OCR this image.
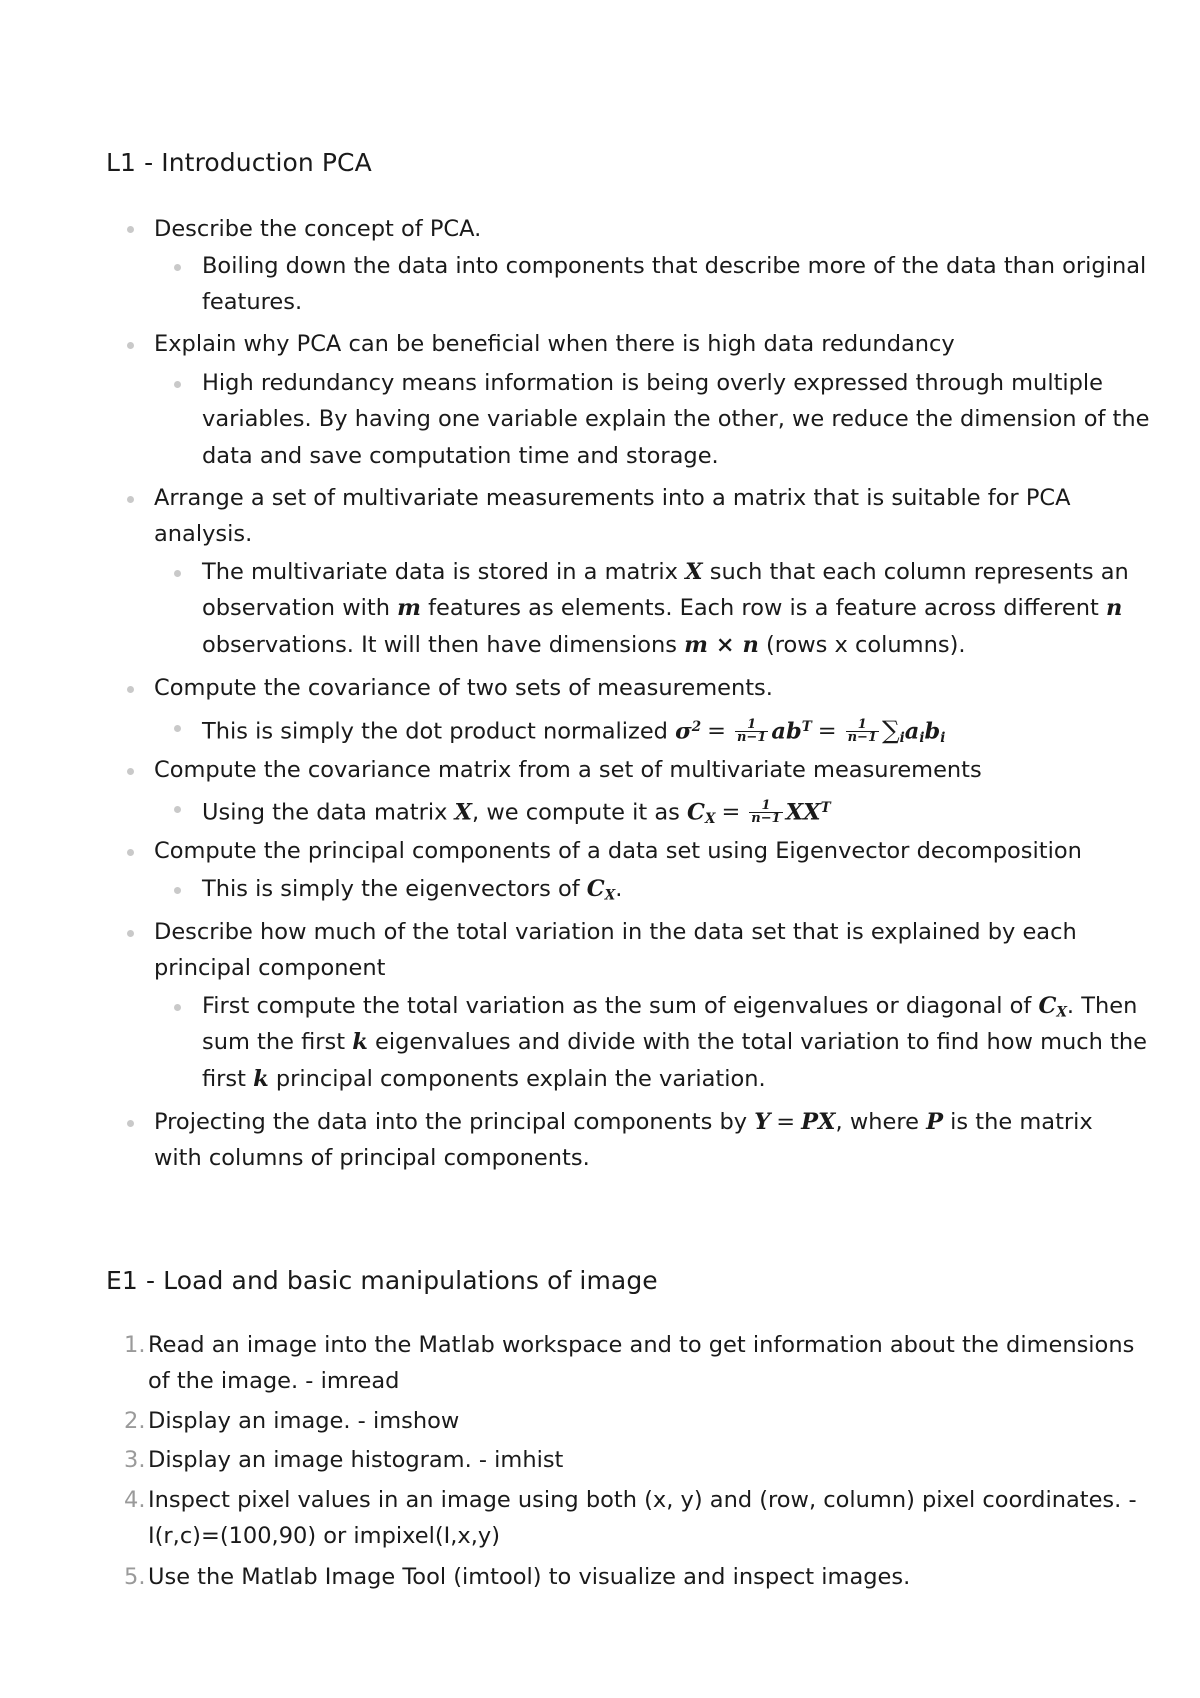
L1 - Introduction PCA
Describe the concept of PCA.
Boiling down the data into components that describe more of the data than original
features.
Explain why PCA can be beneficial when there is high data redundancy
High redundancy means information is being overly expressed through multiple
variables. By having one variable explain the other, we reduce the dimension of the
data and save computation time and storage.
Arrange a set of multivariate measurements into a matrix that is suitable for PCA
analysis.
The multivariate data is stored in a matrix X such that each column represents an
observation with m features as elements. Each row is a feature across different n
observations. It will then have dimensions m × n (rows x columns).
Compute the covariance of two sets of measurements.
This is simply the dot product normalized $\sigma^2 = \frac{1}{n-1} ab^T = \frac{1}{n-1} \sum_ia_ib_i$
Compute the covariance matrix from a set of multivariate measurements
Using the data matrix X, we compute it as $C_X = \frac{1}{n-1} XX^T$
Compute the principal components of a data set using Eigenvector decomposition
This is simply the eigenvectors of $C_X$.
Describe how much of the total variation in the data set that is explained by each
principal component
First compute the total variation as the sum of eigenvalues or diagonal of $C_X$. Then
sum the first k eigenvalues and divide with the total variation to find how much the
first k principal components explain the variation.
Projecting the data into the principal components by Y = PX, where P is the matrix
with columns of principal components.
E1 - Load and basic manipulations of image
1. Read an image into the Matlab workspace and to get information about the dimensions
of the image. - imread
2. Display an image. - imshow
3. Display an image histogram. - imhist
4. Inspect pixel values in an image using both (x, y) and (row, column) pixel coordinates. -
I(r,c)=(100,90) or impixel(I,x,y)
5. Use the Matlab Image Tool (imtool) to visualize and inspect images.
